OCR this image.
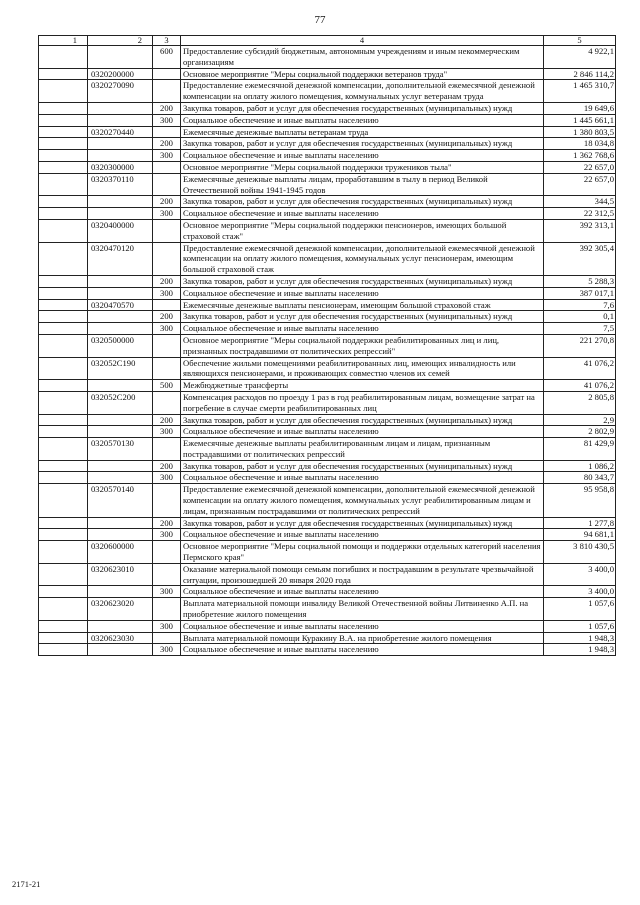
77
1	2	3	4	5
		600	Предоставление субсидий бюджетным, автономным учреждениям и иным некоммерческим организациям	4 922,1
	0320200000		Основное мероприятие "Меры социальной поддержки ветеранов труда"	2 846 114,2
	0320270090		Предоставление ежемесячной денежной компенсации, дополнительной ежемесячной денежной компенсации на оплату жилого помещения, коммунальных услуг ветеранам труда	1 465 310,7
		200	Закупка товаров, работ и услуг для обеспечения государственных (муниципальных) нужд	19 649,6
		300	Социальное обеспечение и иные выплаты населению	1 445 661,1
	0320270440		Ежемесячные денежные выплаты ветеранам труда	1 380 803,5
		200	Закупка товаров, работ и услуг для обеспечения государственных (муниципальных) нужд	18 034,8
		300	Социальное обеспечение и иные выплаты населению	1 362 768,6
	0320300000		Основное мероприятие "Меры социальной поддержки тружеников тыла"	22 657,0
	0320370110		Ежемесячные денежные выплаты лицам, проработавшим в тылу в период Великой Отечественной войны 1941-1945 годов	22 657,0
		200	Закупка товаров, работ и услуг для обеспечения государственных (муниципальных) нужд	344,5
		300	Социальное обеспечение и иные выплаты населению	22 312,5
	0320400000		Основное мероприятие "Меры социальной поддержки пенсионеров, имеющих большой страховой стаж"	392 313,1
	0320470120		Предоставление ежемесячной денежной компенсации, дополнительной ежемесячной денежной компенсации на оплату жилого помещения, коммунальных услуг пенсионерам, имеющим большой страховой стаж	392 305,4
		200	Закупка товаров, работ и услуг для обеспечения государственных (муниципальных) нужд	5 288,3
		300	Социальное обеспечение и иные выплаты населению	387 017,1
	0320470570		Ежемесячные денежные выплаты пенсионерам, имеющим большой страховой стаж	7,6
		200	Закупка товаров, работ и услуг для обеспечения государственных (муниципальных) нужд	0,1
		300	Социальное обеспечение и иные выплаты населению	7,5
	0320500000		Основное мероприятие "Меры социальной поддержки реабилитированных лиц и лиц, признанных пострадавшими от политических репрессий"	221 270,8
	032052С190		Обеспечение жильми помещениями реабилитированных лиц, имеющих инвалидность или являющихся пенсионерами, и проживающих совместно членов их семей	41 076,2
		500	Межбюджетные трансферты	41 076,2
	032052С200		Компенсация расходов по проезду 1 раз в год реабилитированным лицам, возмещение затрат на погребение в случае смерти реабилитированных лиц	2 805,8
		200	Закупка товаров, работ и услуг для обеспечения государственных (муниципальных) нужд	2,9
		300	Социальное обеспечение и иные выплаты населению	2 802,9
	0320570130		Ежемесячные денежные выплаты реабилитированным лицам и лицам, признанным пострадавшими от политических репрессий	81 429,9
		200	Закупка товаров, работ и услуг для обеспечения государственных (муниципальных) нужд	1 086,2
		300	Социальное обеспечение и иные выплаты населению	80 343,7
	0320570140		Предоставление ежемесячной денежной компенсации, дополнительной ежемесячной денежной компенсации на оплату жилого помещения, коммунальных услуг реабилитированным лицам и лицам, признанным пострадавшими от политических репрессий	95 958,8
		200	Закупка товаров, работ и услуг для обеспечения государственных (муниципальных) нужд	1 277,8
		300	Социальное обеспечение и иные выплаты населению	94 681,1
	0320600000		Основное мероприятие "Меры социальной помощи и поддержки отдельных категорий населения Пермского края"	3 810 430,5
	0320623010		Оказание материальной помощи семьям погибших и пострадавшим в результате чрезвычайной ситуации, произошедшей 20 января 2020 года	3 400,0
		300	Социальное обеспечение и иные выплаты населению	3 400,0
	0320623020		Выплата материальной помощи инвалиду Великой Отечественной войны Литвиненко А.П. на приобретение жилого помещения	1 057,6
		300	Социальное обеспечение и иные выплаты населению	1 057,6
	0320623030		Выплата материальной помощи Куракину В.А. на приобретение жилого помещения	1 948,3
		300	Социальное обеспечение и иные выплаты населению	1 948,3
2171-21
